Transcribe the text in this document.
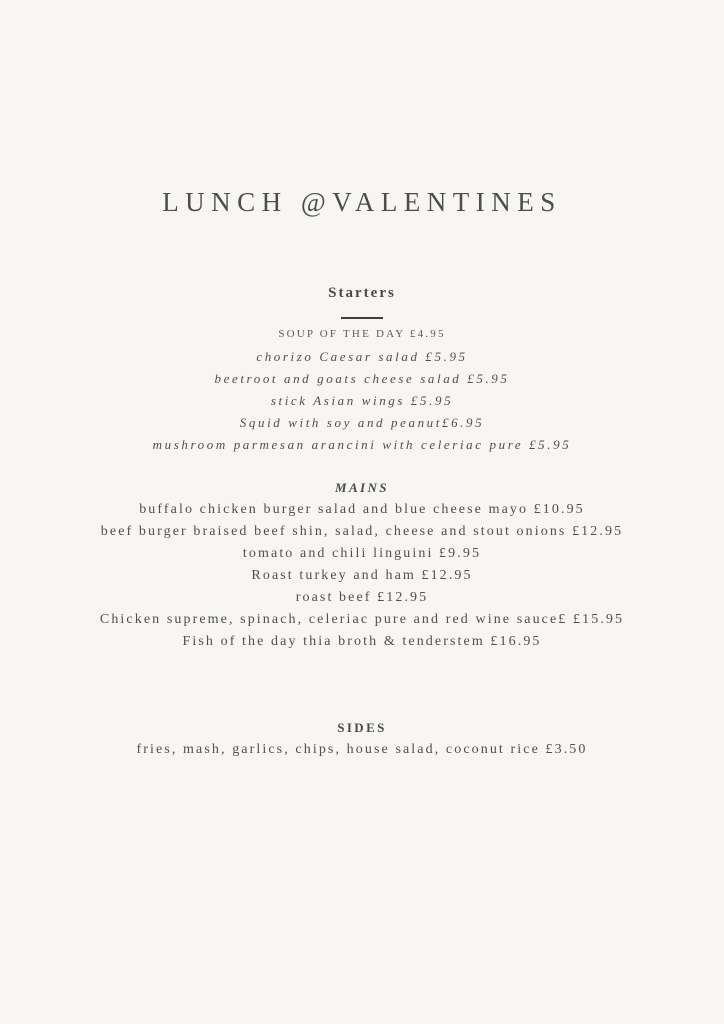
LUNCH @VALENTINES
Starters

SOUP OF THE DAY £4.95

chorizo Caesar salad £5.95

beetroot and goats cheese salad £5.95

stick Asian wings £5.95

Squid with soy and peanut£6.95

mushroom parmesan arancini with celeriac pure £5.95

MAINS

buffalo chicken burger salad and blue cheese mayo £10.95

beef burger braised beef shin, salad, cheese and stout onions £12.95

tomato and chili linguini £9.95

Roast turkey and ham £12.95

roast beef £12.95

Chicken supreme, spinach, celeriac pure and red wine sauce£ £15.95

Fish of the day thia broth & tenderstem £16.95

SIDES

fries, mash, garlics, chips, house salad, coconut rice £3.50
